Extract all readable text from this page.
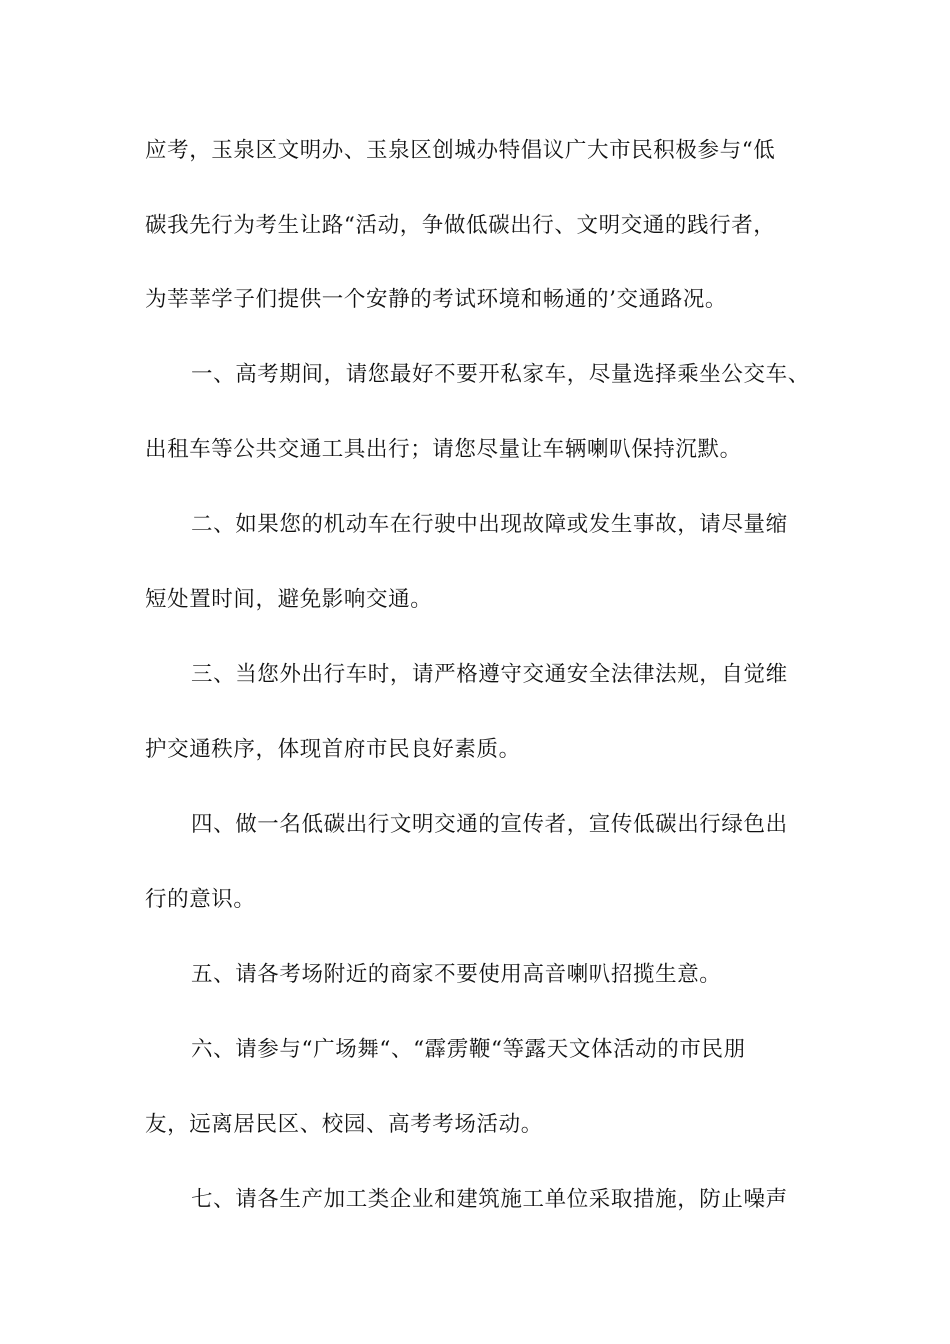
应考，玉泉区文明办、玉泉区创城办特倡议广大市民积极参与“低
碳我先行为考生让路“活动，争做低碳出行、文明交通的践行者，
为莘莘学子们提供一个安静的考试环境和畅通的’交通路况。
一、高考期间，请您最好不要开私家车，尽量选择乘坐公交车、
出租车等公共交通工具出行；请您尽量让车辆喇叭保持沉默。
二、如果您的机动车在行驶中出现故障或发生事故，请尽量缩
短处置时间，避免影响交通。
三、当您外出行车时，请严格遵守交通安全法律法规，自觉维
护交通秩序，体现首府市民良好素质。
四、做一名低碳出行文明交通的宣传者，宣传低碳出行绿色出
行的意识。
五、请各考场附近的商家不要使用高音喇叭招揽生意。
六、请参与“广场舞“、“霹雳鞭“等露天文体活动的市民朋
友，远离居民区、校园、高考考场活动。
七、请各生产加工类企业和建筑施工单位采取措施，防止噪声
